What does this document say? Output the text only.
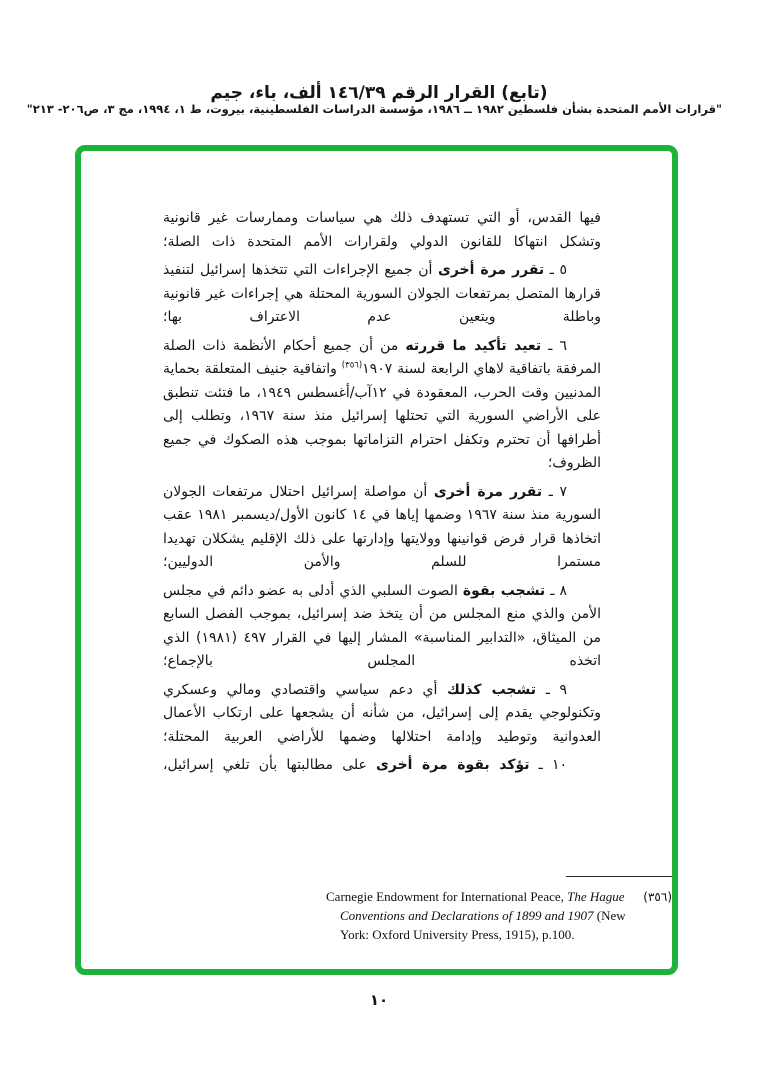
(تابع) القرار الرقم ١٤٦/٣٩ ألف، باء، جيم
"قرارات الأمم المتحدة بشأن فلسطين ١٩٨٢ ــ ١٩٨٦، مؤسسة الدراسات الفلسطينية، بيروت، ط ١، ١٩٩٤، مج ٣، ص٢٠٦- ٢١٣"

فيها القدس، أو التي تستهدف ذلك هي سياسات وممارسات غير قانونية وتشكل انتهاكا للقانون الدولي ولقرارات الأمم المتحدة ذات الصلة؛

٥ ـ تقرر مرة أخرى أن جميع الإجراءات التي تتخذها إسرائيل لتنفيذ قرارها المتصل بمرتفعات الجولان السورية المحتلة هي إجراءات غير قانونية وباطلة ويتعين عدم الاعتراف بها؛

٦ ـ تعيد تأكيد ما قررته من أن جميع أحكام الأنظمة ذات الصلة المرفقة باتفاقية لاهاي الرابعة لسنة ١٩٠٧$^{(٣٥٦)}$ واتفاقية جنيف المتعلقة بحماية المدنيين وقت الحرب، المعقودة في ١٢آب/أغسطس ١٩٤٩، ما فتئت تنطبق على الأراضي السورية التي تحتلها إسرائيل منذ سنة ١٩٦٧، وتطلب إلى أطرافها أن تحترم وتكفل احترام التزاماتها بموجب هذه الصكوك في جميع الظروف؛

٧ ـ تقرر مرة أخرى أن مواصلة إسرائيل احتلال مرتفعات الجولان السورية منذ سنة ١٩٦٧ وضمها إياها في ١٤ كانون الأول/ديسمبر ١٩٨١ عقب اتخاذها قرار فرض قوانينها وولايتها وإدارتها على ذلك الإقليم يشكلان تهديدا مستمرا للسلم والأمن الدوليين؛

٨ ـ تشجب بقوة الصوت السلبي الذي أدلى به عضو دائم في مجلس الأمن والذي منع المجلس من أن يتخذ ضد إسرائيل، بموجب الفصل السابع من الميثاق، «التدابير المناسبة» المشار إليها في القرار ٤٩٧ (١٩٨١) الذي اتخذه المجلس بالإجماع؛

٩ ـ تشجب كذلك أي دعم سياسي واقتصادي ومالي وعسكري وتكنولوجي يقدم إلى إسرائيل، من شأنه أن يشجعها على ارتكاب الأعمال العدوانية وتوطيد وإدامة احتلالها وضمها للأراضي العربية المحتلة؛

١٠ ـ تؤكد بقوة مرة أخرى على مطالبتها بأن تلغي إسرائيل،

(٣٥٦)
Carnegie Endowment for International Peace, The Hague Conventions and Declarations of 1899 and 1907 (New York: Oxford University Press, 1915), p.100.
١٠
